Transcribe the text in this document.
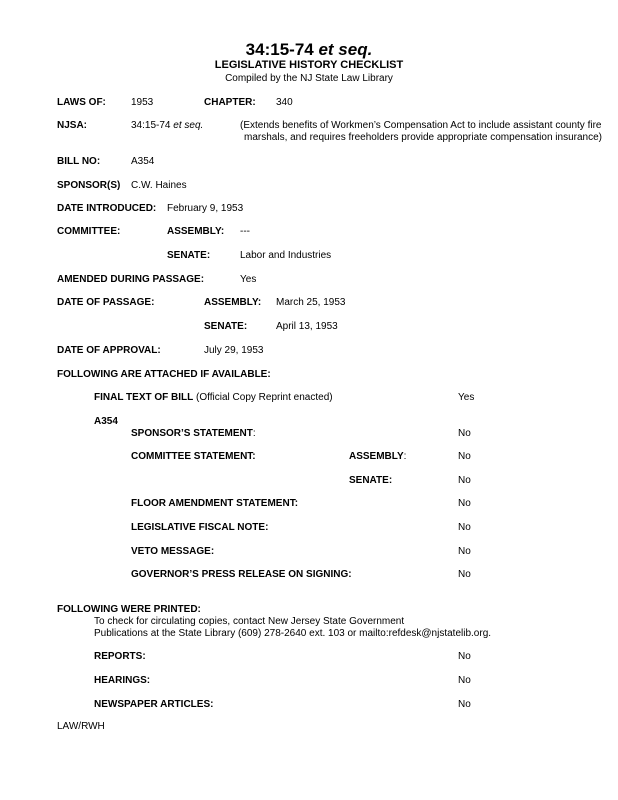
34:15-74 et seq.
LEGISLATIVE HISTORY CHECKLIST
Compiled by the NJ State Law Library
LAWS OF:	1953	CHAPTER: 340
NJSA:	34:15-74 et seq.	(Extends benefits of Workmen’s Compensation Act to include assistant county fire
marshals, and requires freeholders provide appropriate compensation insurance)
BILL NO:	A354
SPONSOR(S) C.W. Haines
DATE INTRODUCED: February 9, 1953
COMMITTEE:	ASSEMBLY: ---
SENATE:	Labor and Industries
AMENDED DURING PASSAGE:	Yes
DATE OF PASSAGE:	ASSEMBLY: March 25, 1953
SENATE:	April 13, 1953
DATE OF APPROVAL:	July 29, 1953
FOLLOWING ARE ATTACHED IF AVAILABLE:
FINAL TEXT OF BILL (Official Copy Reprint enacted)	Yes
A354
SPONSOR’S STATEMENT:	No
COMMITTEE STATEMENT:	ASSEMBLY:	No
SENATE:	No
FLOOR AMENDMENT STATEMENT:	No
LEGISLATIVE FISCAL NOTE:	No
VETO MESSAGE:	No
GOVERNOR’S PRESS RELEASE ON SIGNING:	No
FOLLOWING WERE PRINTED:
To check for circulating copies, contact New Jersey State Government
Publications at the State Library (609) 278-2640 ext. 103 or mailto:refdesk@njstatelib.org.
REPORTS:	No
HEARINGS:	No
NEWSPAPER ARTICLES:	No
LAW/RWH
